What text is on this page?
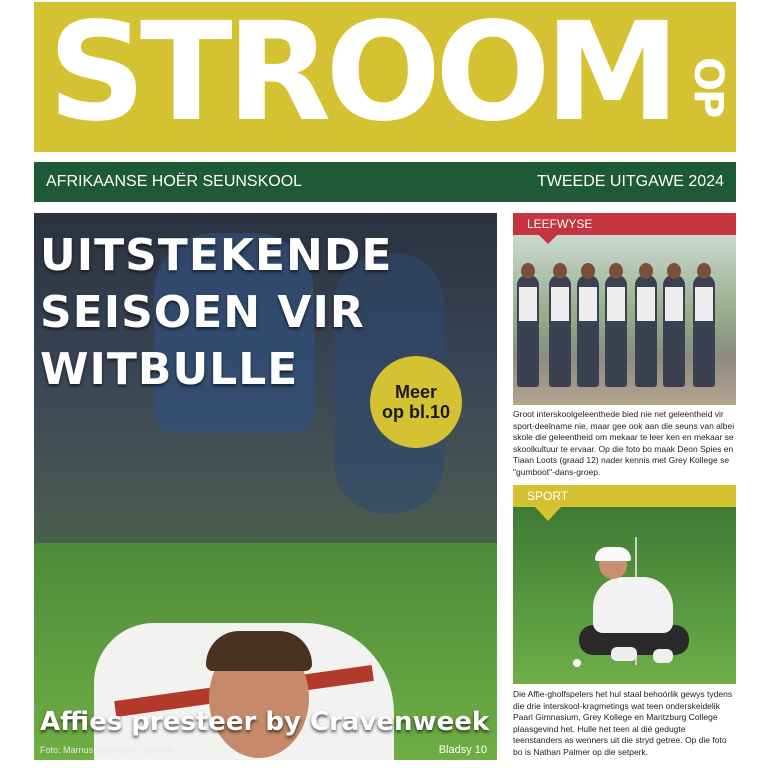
STROOM OP
AFRIKAANSE HOËR SEUNSKOOL	TWEEDE UITGAWE 2024
UITSTEKENDE
SEISOEN VIR
WITBULLE	Meer
op bl.10
Affies presteer by Cravenweek
Foto: Marnus Supersport Schools	Bladsy 10
LEEFWYSE
Groot interskoolgeleenthede bied nie net geleentheid vir sport-deelname nie, maar gee ook aan die seuns van albei skole die geleentheid om mekaar te leer ken en mekaar se skoolkultuur te ervaar. Op die foto bo maak Deon Spies en Tiaan Loots (graad 12) nader kennis met Grey Kollege se "gumboot"-dans-groep.
SPORT
Die Affie-gholfspelers het hul staal behoórlik gewys tydens die drie interskool-kragmetings wat teen onderskeidelik Paarl Gimnasium, Grey Kollege en Maritzburg College plaasgevind het. Hulle het teen al dié gedugte teenstanders as wenners uit die stryd getree. Op die foto bo is Nathan Palmer op die setperk.
